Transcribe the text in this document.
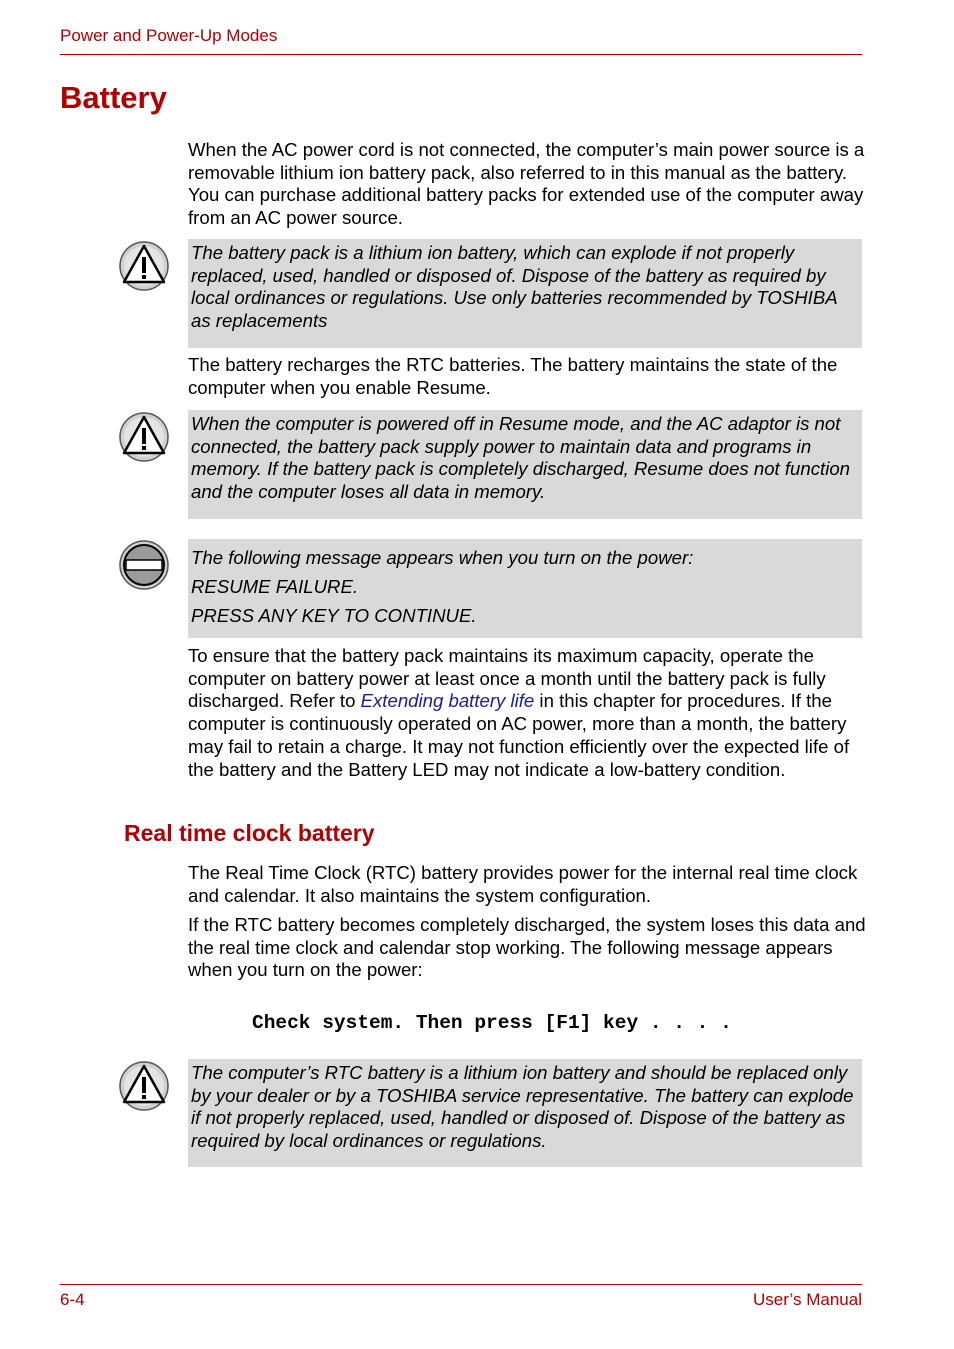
Power and Power-Up Modes
Battery

When the AC power cord is not connected, the computer’s main power source is a removable lithium ion battery pack, also referred to in this manual as the battery. You can purchase additional battery packs for extended use of the computer away from an AC power source.

The battery pack is a lithium ion battery, which can explode if not properly replaced, used, handled or disposed of. Dispose of the battery as required by local ordinances or regulations. Use only batteries recommended by TOSHIBA as replacements

The battery recharges the RTC batteries. The battery maintains the state of the computer when you enable Resume.

When the computer is powered off in Resume mode, and the AC adaptor is not connected, the battery pack supply power to maintain data and programs in memory. If the battery pack is completely discharged, Resume does not function and the computer loses all data in memory.

The following message appears when you turn on the power:

RESUME FAILURE.

PRESS ANY KEY TO CONTINUE.

To ensure that the battery pack maintains its maximum capacity, operate the computer on battery power at least once a month until the battery pack is fully discharged. Refer to Extending battery life in this chapter for procedures. If the computer is continuously operated on AC power, more than a month, the battery may fail to retain a charge. It may not function efficiently over the expected life of the battery and the Battery LED may not indicate a low-battery condition.

Real time clock battery

The Real Time Clock (RTC) battery provides power for the internal real time clock and calendar. It also maintains the system configuration.

If the RTC battery becomes completely discharged, the system loses this data and the real time clock and calendar stop working. The following message appears when you turn on the power:

Check system. Then press [F1] key . . . .

The computer’s RTC battery is a lithium ion battery and should be replaced only by your dealer or by a TOSHIBA service representative. The battery can explode if not properly replaced, used, handled or disposed of. Dispose of the battery as required by local ordinances or regulations.

6-4	User’s Manual
